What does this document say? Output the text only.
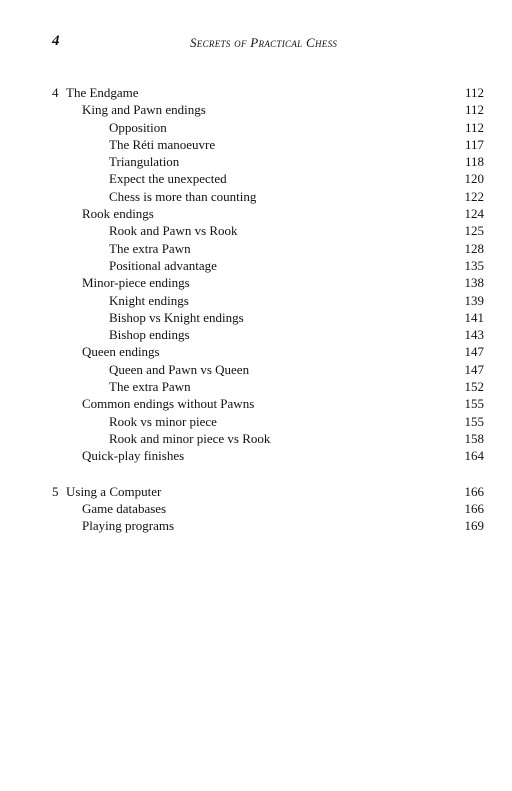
4	Secrets of Practical Chess
4 The Endgame	112
King and Pawn endings	112
Opposition	112
The Réti manoeuvre	117
Triangulation	118
Expect the unexpected	120
Chess is more than counting	122
Rook endings	124
Rook and Pawn vs Rook	125
The extra Pawn	128
Positional advantage	135
Minor-piece endings	138
Knight endings	139
Bishop vs Knight endings	141
Bishop endings	143
Queen endings	147
Queen and Pawn vs Queen	147
The extra Pawn	152
Common endings without Pawns	155
Rook vs minor piece	155
Rook and minor piece vs Rook	158
Quick-play finishes	164
5 Using a Computer	166
Game databases	166
Playing programs	169
